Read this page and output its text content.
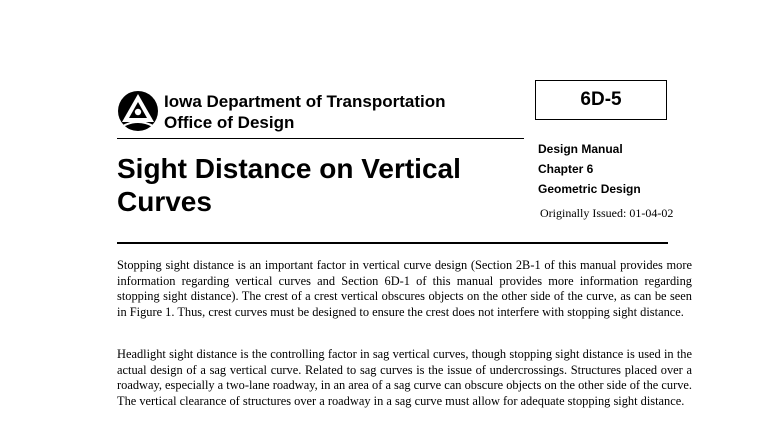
Iowa Department of Transportation
Office of Design
6D-5
Sight Distance on Vertical Curves
Design Manual
Chapter 6
Geometric Design
Originally Issued: 01-04-02

Stopping sight distance is an important factor in vertical curve design (Section 2B-1 of this manual provides more information regarding vertical curves and Section 6D-1 of this manual provides more information regarding stopping sight distance). The crest of a crest vertical obscures objects on the other side of the curve, as can be seen in Figure 1. Thus, crest curves must be designed to ensure the crest does not interfere with stopping sight distance.

Headlight sight distance is the controlling factor in sag vertical curves, though stopping sight distance is used in the actual design of a sag vertical curve. Related to sag curves is the issue of undercrossings. Structures placed over a roadway, especially a two-lane roadway, in an area of a sag curve can obscure objects on the other side of the curve. The vertical clearance of structures over a roadway in a sag curve must allow for adequate stopping sight distance.
